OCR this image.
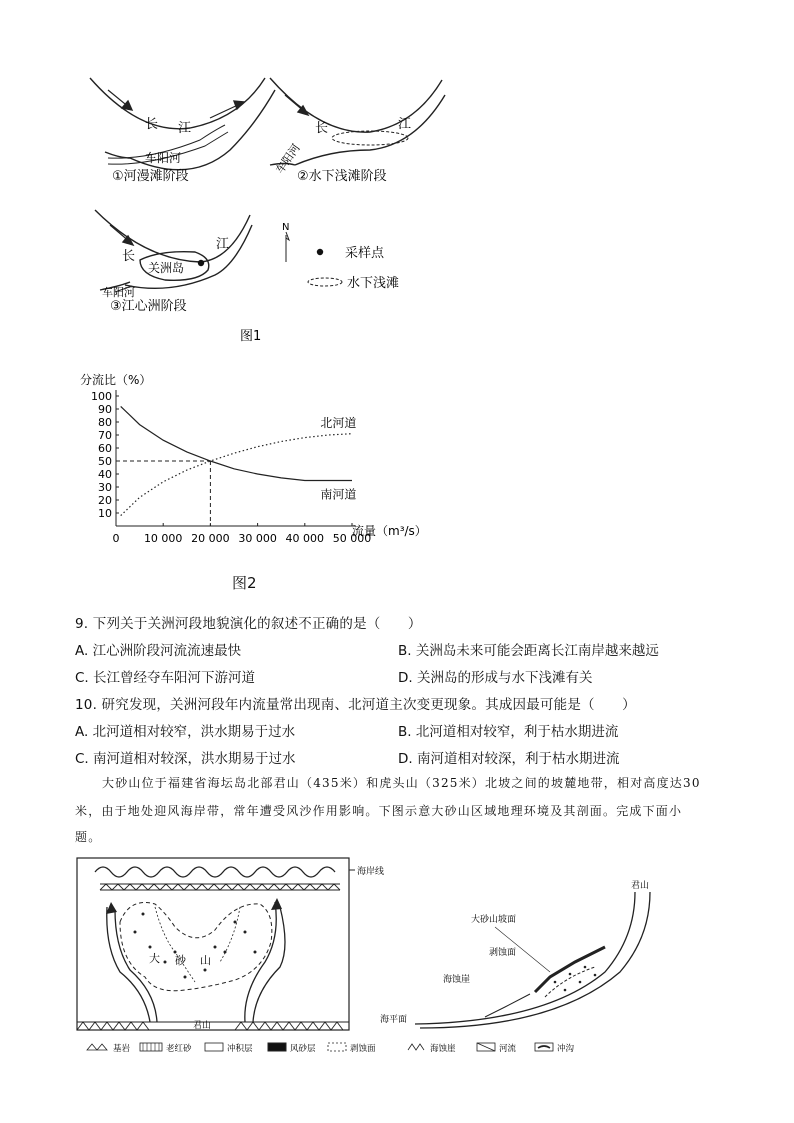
长 江
车阳河
①河漫滩阶段
长	江
车阳河
②水下浅滩阶段
长
江
关洲岛
车阳河
③江心洲阶段
N
采样点
水下浅滩
图1
分流比（%）
流量（m³/s）
100
90
80
70
60
50
40
30
20
10
0 10 000 20 000 30 000 40 000 50 000
北河道
南河道
图2
9. 下列关于关洲河段地貌演化的叙述不正确的是（　　）
A. 江心洲阶段河流流速最快	B. 关洲岛未来可能会距离长江南岸越来越远
C. 长江曾经夺车阳河下游河道	D. 关洲岛的形成与水下浅滩有关
10. 研究发现，关洲河段年内流量常出现南、北河道主次变更现象。其成因最可能是（　　）
A. 北河道相对较窄，洪水期易于过水	B. 北河道相对较窄，利于枯水期进流
C. 南河道相对较深，洪水期易于过水	D. 南河道相对较深，利于枯水期进流
大砂山位于福建省海坛岛北部君山（435米）和虎头山（325米）北坡之间的坡麓地带，相对高度达30
米，由于地处迎风海岸带，常年遭受风沙作用影响。下图示意大砂山区域地理环境及其剖面。完成下面小
题。
海岸线
大 砂 山
君山
君山
大砂山坡面
剥蚀面
海蚀崖
海平面
基岩	老红砂	冲积层	风砂层	剥蚀面	海蚀崖	河流	冲沟
